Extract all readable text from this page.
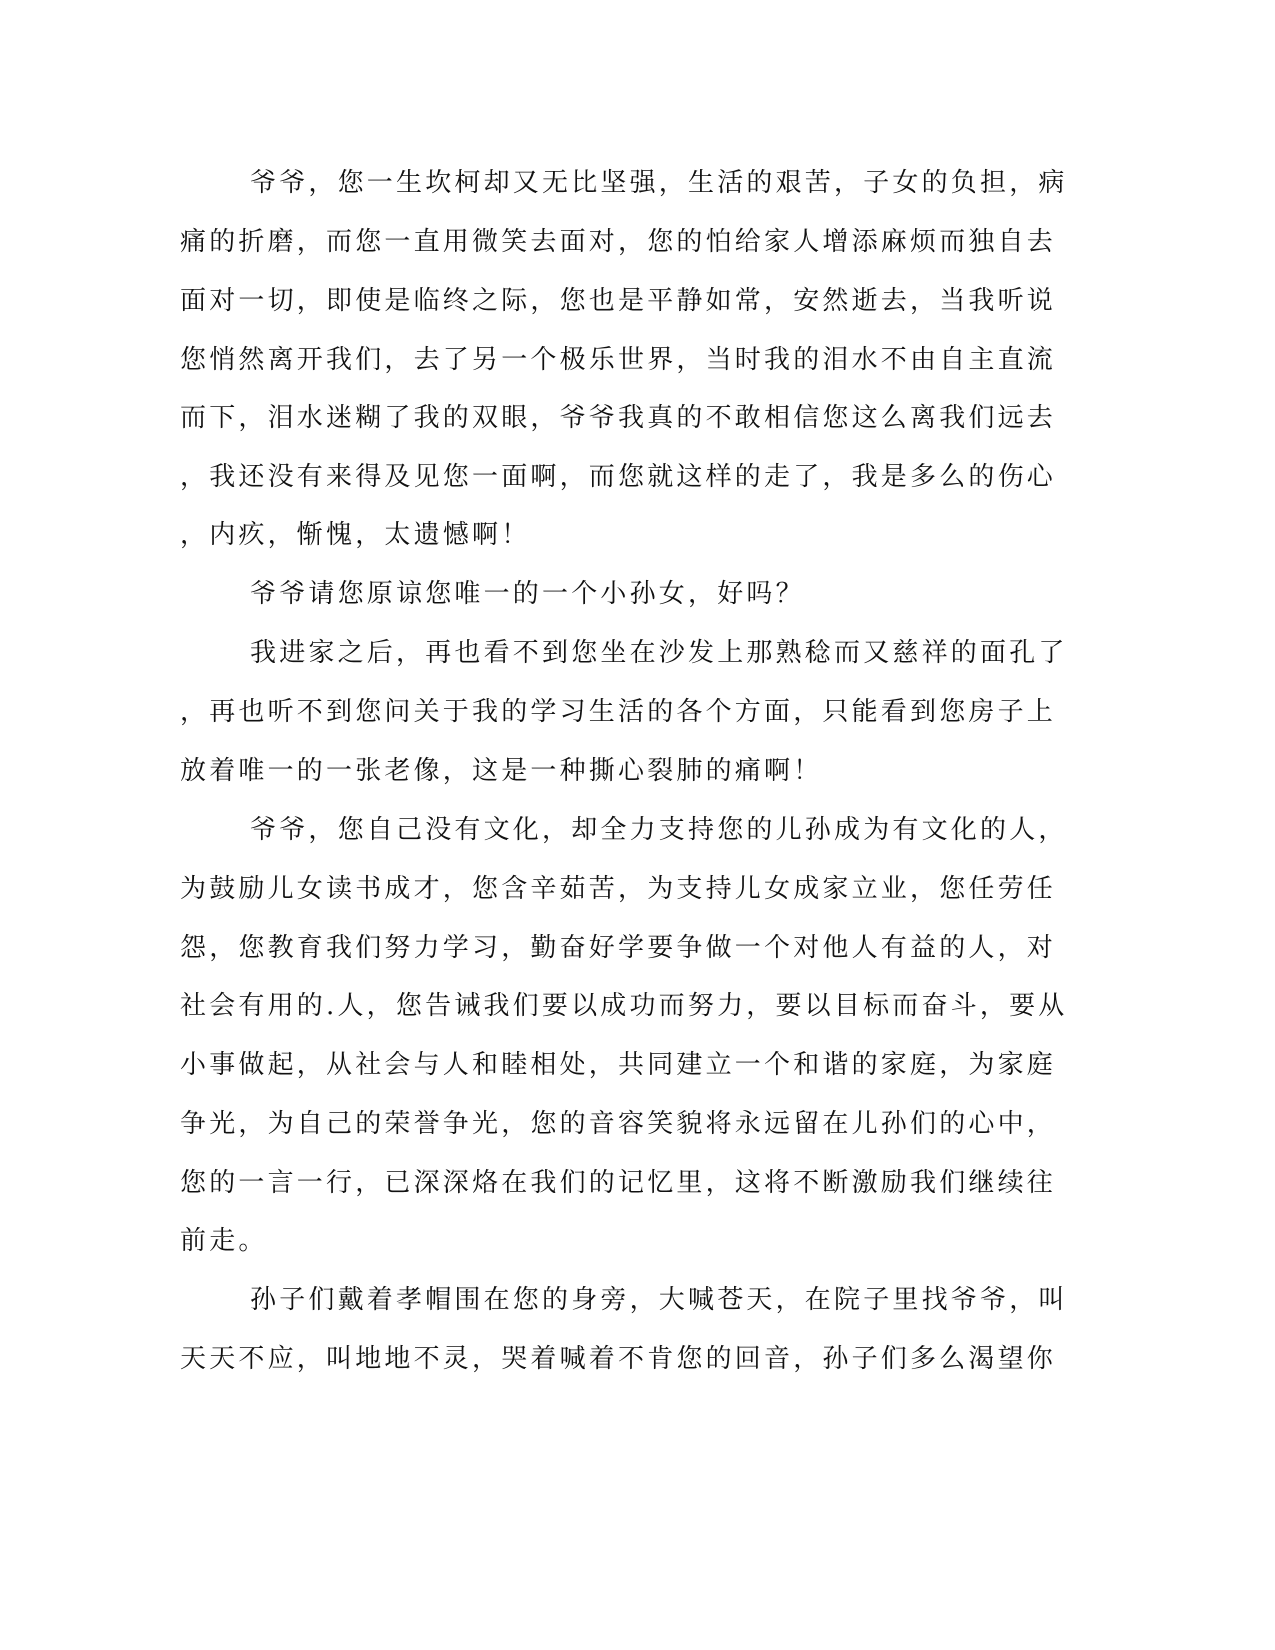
爷爷，您一生坎柯却又无比坚强，生活的艰苦，子女的负担，病
痛的折磨，而您一直用微笑去面对，您的怕给家人增添麻烦而独自去
面对一切，即使是临终之际，您也是平静如常，安然逝去，当我听说
您悄然离开我们，去了另一个极乐世界，当时我的泪水不由自主直流
而下，泪水迷糊了我的双眼，爷爷我真的不敢相信您这么离我们远去
，我还没有来得及见您一面啊，而您就这样的走了，我是多么的伤心
，内疚，惭愧，太遗憾啊！
爷爷请您原谅您唯一的一个小孙女，好吗？
我进家之后，再也看不到您坐在沙发上那熟稔而又慈祥的面孔了
，再也听不到您问关于我的学习生活的各个方面，只能看到您房子上
放着唯一的一张老像，这是一种撕心裂肺的痛啊！
爷爷，您自己没有文化，却全力支持您的儿孙成为有文化的人，
为鼓励儿女读书成才，您含辛茹苦，为支持儿女成家立业，您任劳任
怨，您教育我们努力学习，勤奋好学要争做一个对他人有益的人，对
社会有用的.人，您告诫我们要以成功而努力，要以目标而奋斗，要从
小事做起，从社会与人和睦相处，共同建立一个和谐的家庭，为家庭
争光，为自己的荣誉争光，您的音容笑貌将永远留在儿孙们的心中，
您的一言一行，已深深烙在我们的记忆里，这将不断激励我们继续往
前走。
孙子们戴着孝帽围在您的身旁，大喊苍天，在院子里找爷爷，叫
天天不应，叫地地不灵，哭着喊着不肯您的回音，孙子们多么渴望你
